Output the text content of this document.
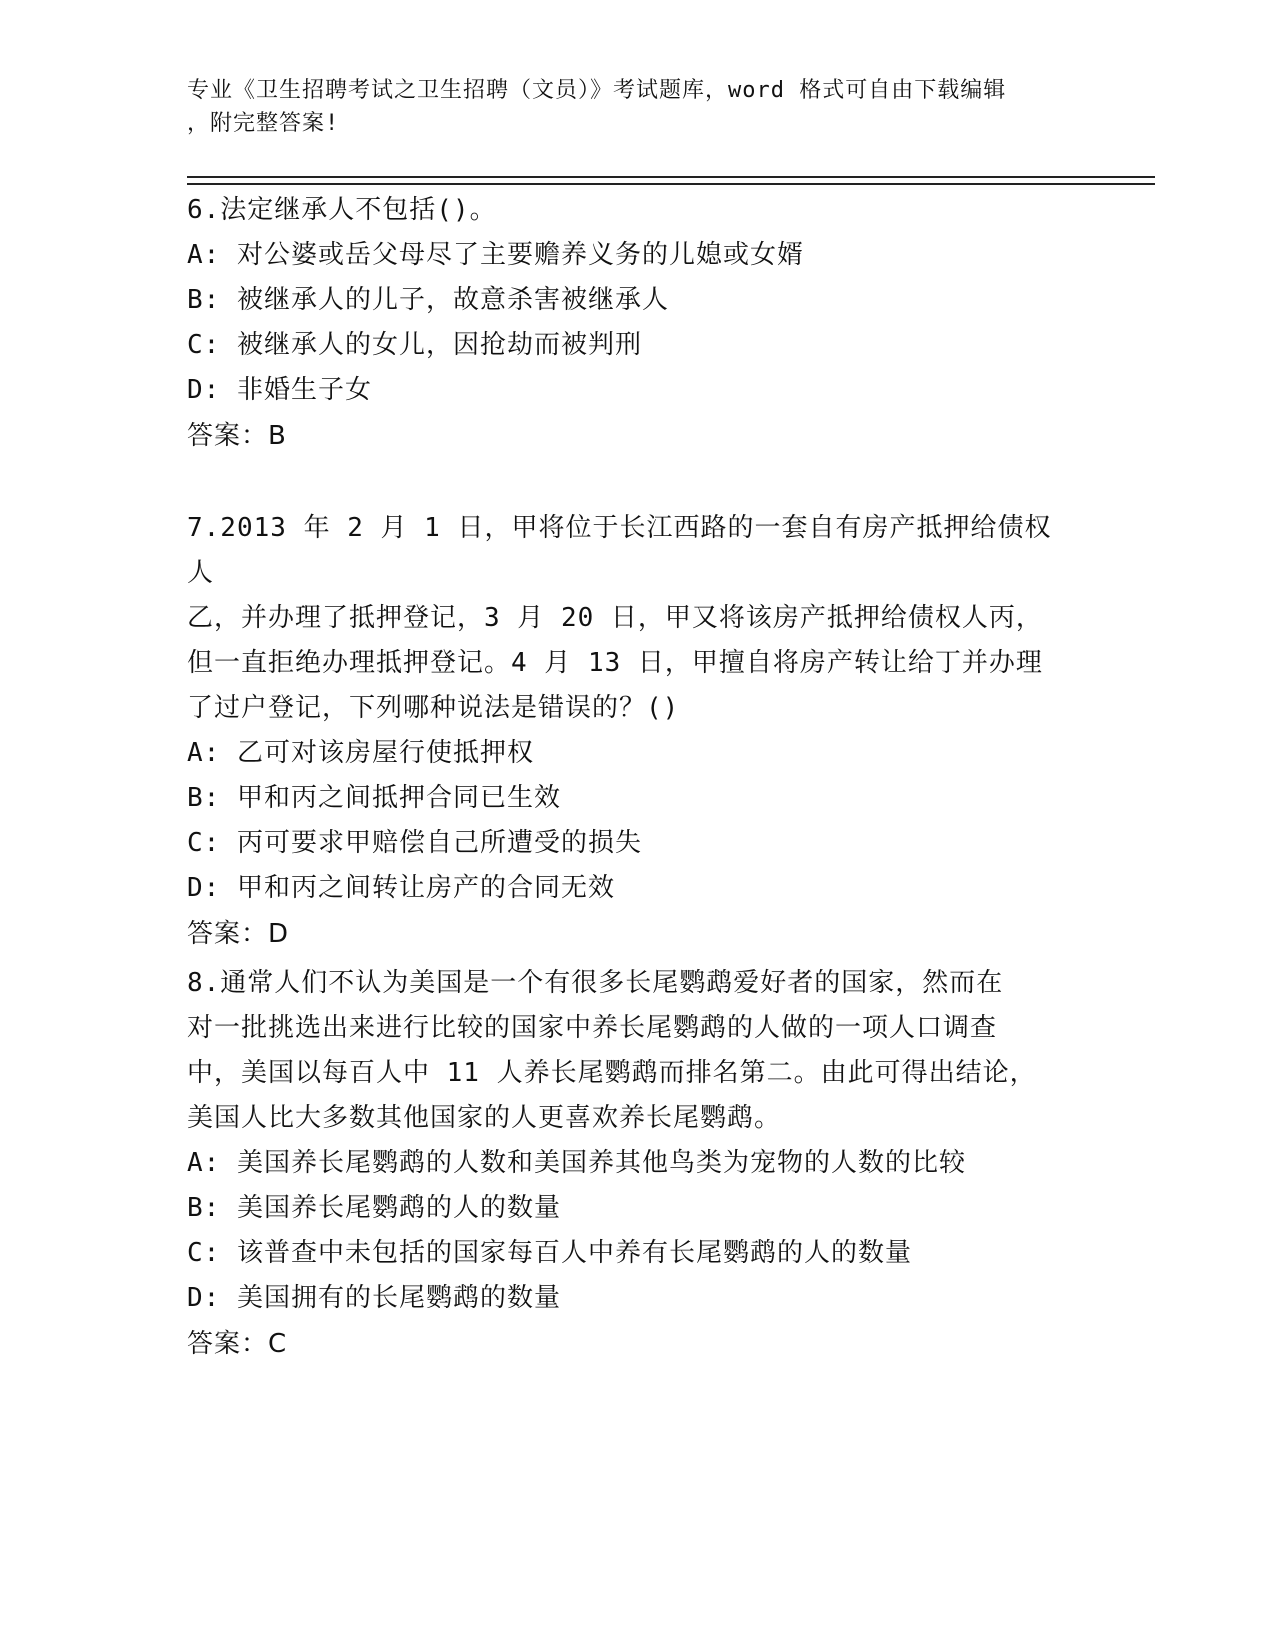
专业《卫生招聘考试之卫生招聘（文员）》考试题库，word 格式可自由下载编辑
，附完整答案!

6.法定继承人不包括()。

A: 对公婆或岳父母尽了主要赡养义务的儿媳或女婿

B: 被继承人的儿子，故意杀害被继承人

C: 被继承人的女儿，因抢劫而被判刑

D: 非婚生子女

答案：B

7.2013 年 2 月 1 日，甲将位于长江西路的一套自有房产抵押给债权人

乙，并办理了抵押登记，3 月 20 日，甲又将该房产抵押给债权人丙，

但一直拒绝办理抵押登记。4 月 13 日，甲擅自将房产转让给丁并办理

了过户登记，下列哪种说法是错误的？()

A: 乙可对该房屋行使抵押权

B: 甲和丙之间抵押合同已生效

C: 丙可要求甲赔偿自己所遭受的损失

D: 甲和丙之间转让房产的合同无效

答案：D

8.通常人们不认为美国是一个有很多长尾鹦鹉爱好者的国家，然而在

对一批挑选出来进行比较的国家中养长尾鹦鹉的人做的一项人口调查

中，美国以每百人中 11 人养长尾鹦鹉而排名第二。由此可得出结论，

美国人比大多数其他国家的人更喜欢养长尾鹦鹉。

A: 美国养长尾鹦鹉的人数和美国养其他鸟类为宠物的人数的比较

B: 美国养长尾鹦鹉的人的数量

C: 该普查中未包括的国家每百人中养有长尾鹦鹉的人的数量

D: 美国拥有的长尾鹦鹉的数量

答案：C
